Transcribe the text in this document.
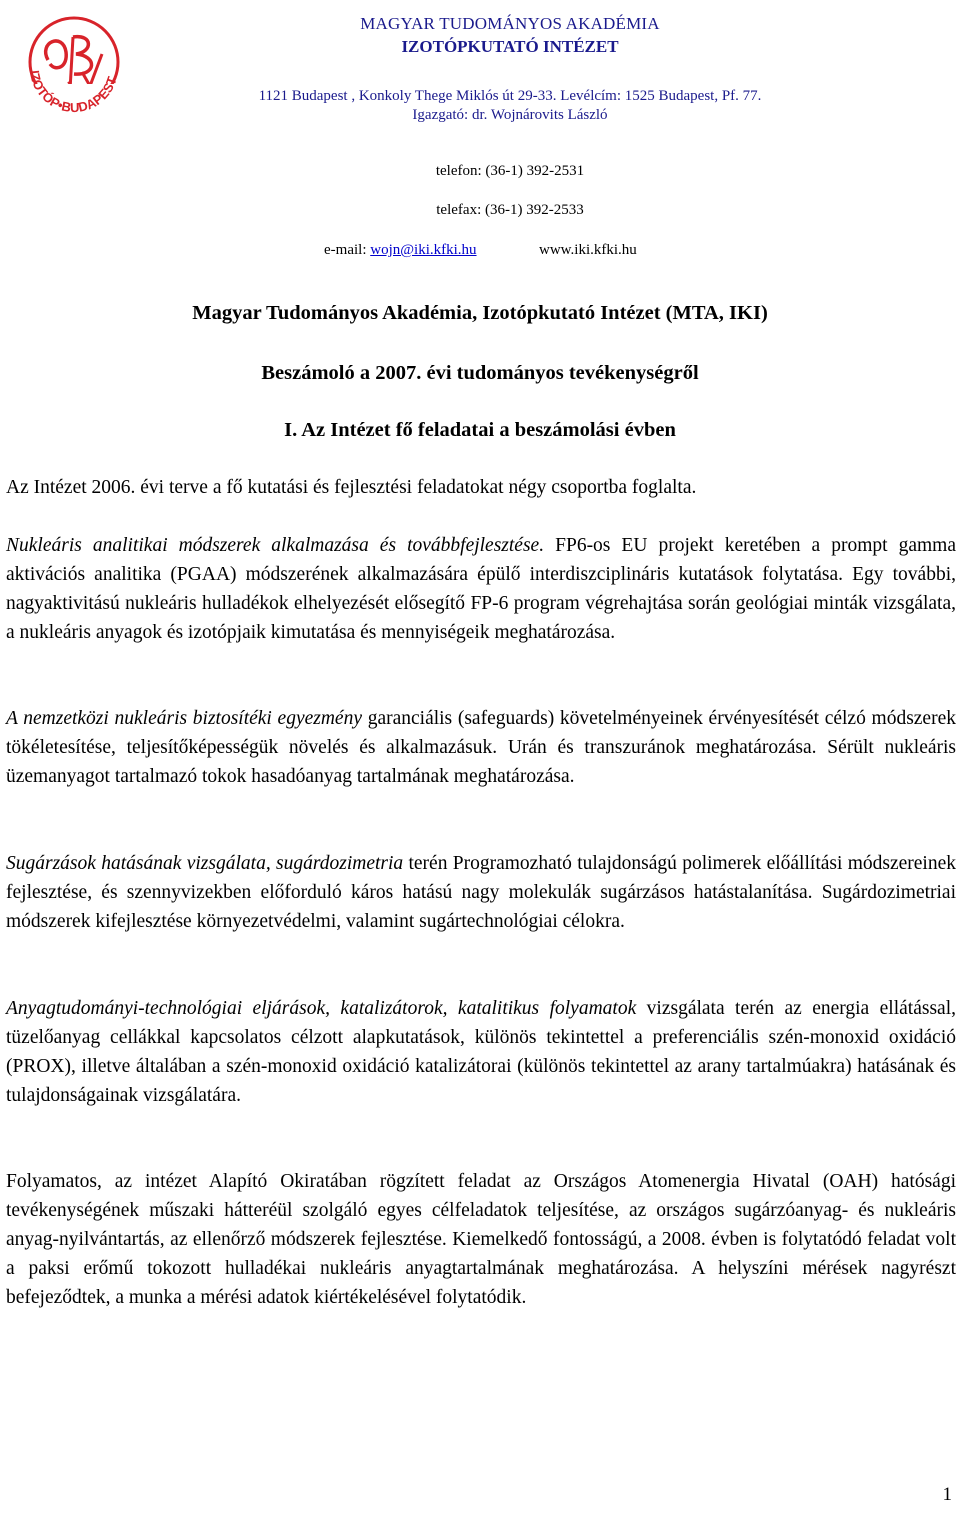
IZOTÓP•BUDAPEST
MAGYAR TUDOMÁNYOS AKADÉMIA
IZOTÓPKUTATÓ INTÉZET
1121 Budapest , Konkoly Thege Miklós út 29-33. Levélcím: 1525 Budapest, Pf. 77.
Igazgató: dr. Wojnárovits László
telefon: (36-1) 392-2531
telefax: (36-1) 392-2533
e-mail: wojn@iki.kfki.hu	www.iki.kfki.hu
Magyar Tudományos Akadémia, Izotópkutató Intézet (MTA, IKI)
Beszámoló a 2007. évi tudományos tevékenységről
I. Az Intézet fő feladatai a beszámolási évben
Az Intézet 2006. évi terve a fő kutatási és fejlesztési feladatokat négy csoportba foglalta.
Nukleáris analitikai módszerek alkalmazása és továbbfejlesztése. FP6-os EU projekt keretében a prompt gamma aktivációs analitika (PGAA) módszerének alkalmazására épülő interdiszciplináris kutatások folytatása. Egy további, nagyaktivitású nukleáris hulladékok elhelyezését elősegítő FP-6 program végrehajtása során geológiai minták vizsgálata, a nukleáris anyagok és izotópjaik kimutatása és mennyiségeik meghatározása.
A nemzetközi nukleáris biztosítéki egyezmény garanciális (safeguards) követelményeinek érvényesítését célzó módszerek tökéletesítése, teljesítőképességük növelés és alkalmazásuk. Urán és transzuránok meghatározása. Sérült nukleáris üzemanyagot tartalmazó tokok hasadóanyag tartalmának meghatározása.
Sugárzások hatásának vizsgálata, sugárdozimetria terén Programozható tulajdonságú polimerek előállítási módszereinek fejlesztése, és szennyvizekben előforduló káros hatású nagy molekulák sugárzásos hatástalanítása. Sugárdozimetriai módszerek kifejlesztése környezetvédelmi, valamint sugártechnológiai célokra.
Anyagtudományi-technológiai eljárások, katalizátorok, katalitikus folyamatok vizsgálata terén az energia ellátással, tüzelőanyag cellákkal kapcsolatos célzott alapkutatások, különös tekintettel a preferenciális szén-monoxid oxidáció (PROX), illetve általában a szén-monoxid oxidáció katalizátorai (különös tekintettel az arany tartalmúakra) hatásának és tulajdonságainak vizsgálatára.
Folyamatos, az intézet Alapító Okiratában rögzített feladat az Országos Atomenergia Hivatal (OAH) hatósági tevékenységének műszaki hátteréül szolgáló egyes célfeladatok teljesítése, az országos sugárzóanyag- és nukleáris anyag-nyilvántartás, az ellenőrző módszerek fejlesztése. Kiemelkedő fontosságú, a 2008. évben is folytatódó feladat volt a paksi erőmű tokozott hulladékai nukleáris anyagtartalmának meghatározása. A helyszíni mérések nagyrészt befejeződtek, a munka a mérési adatok kiértékelésével folytatódik.
1
